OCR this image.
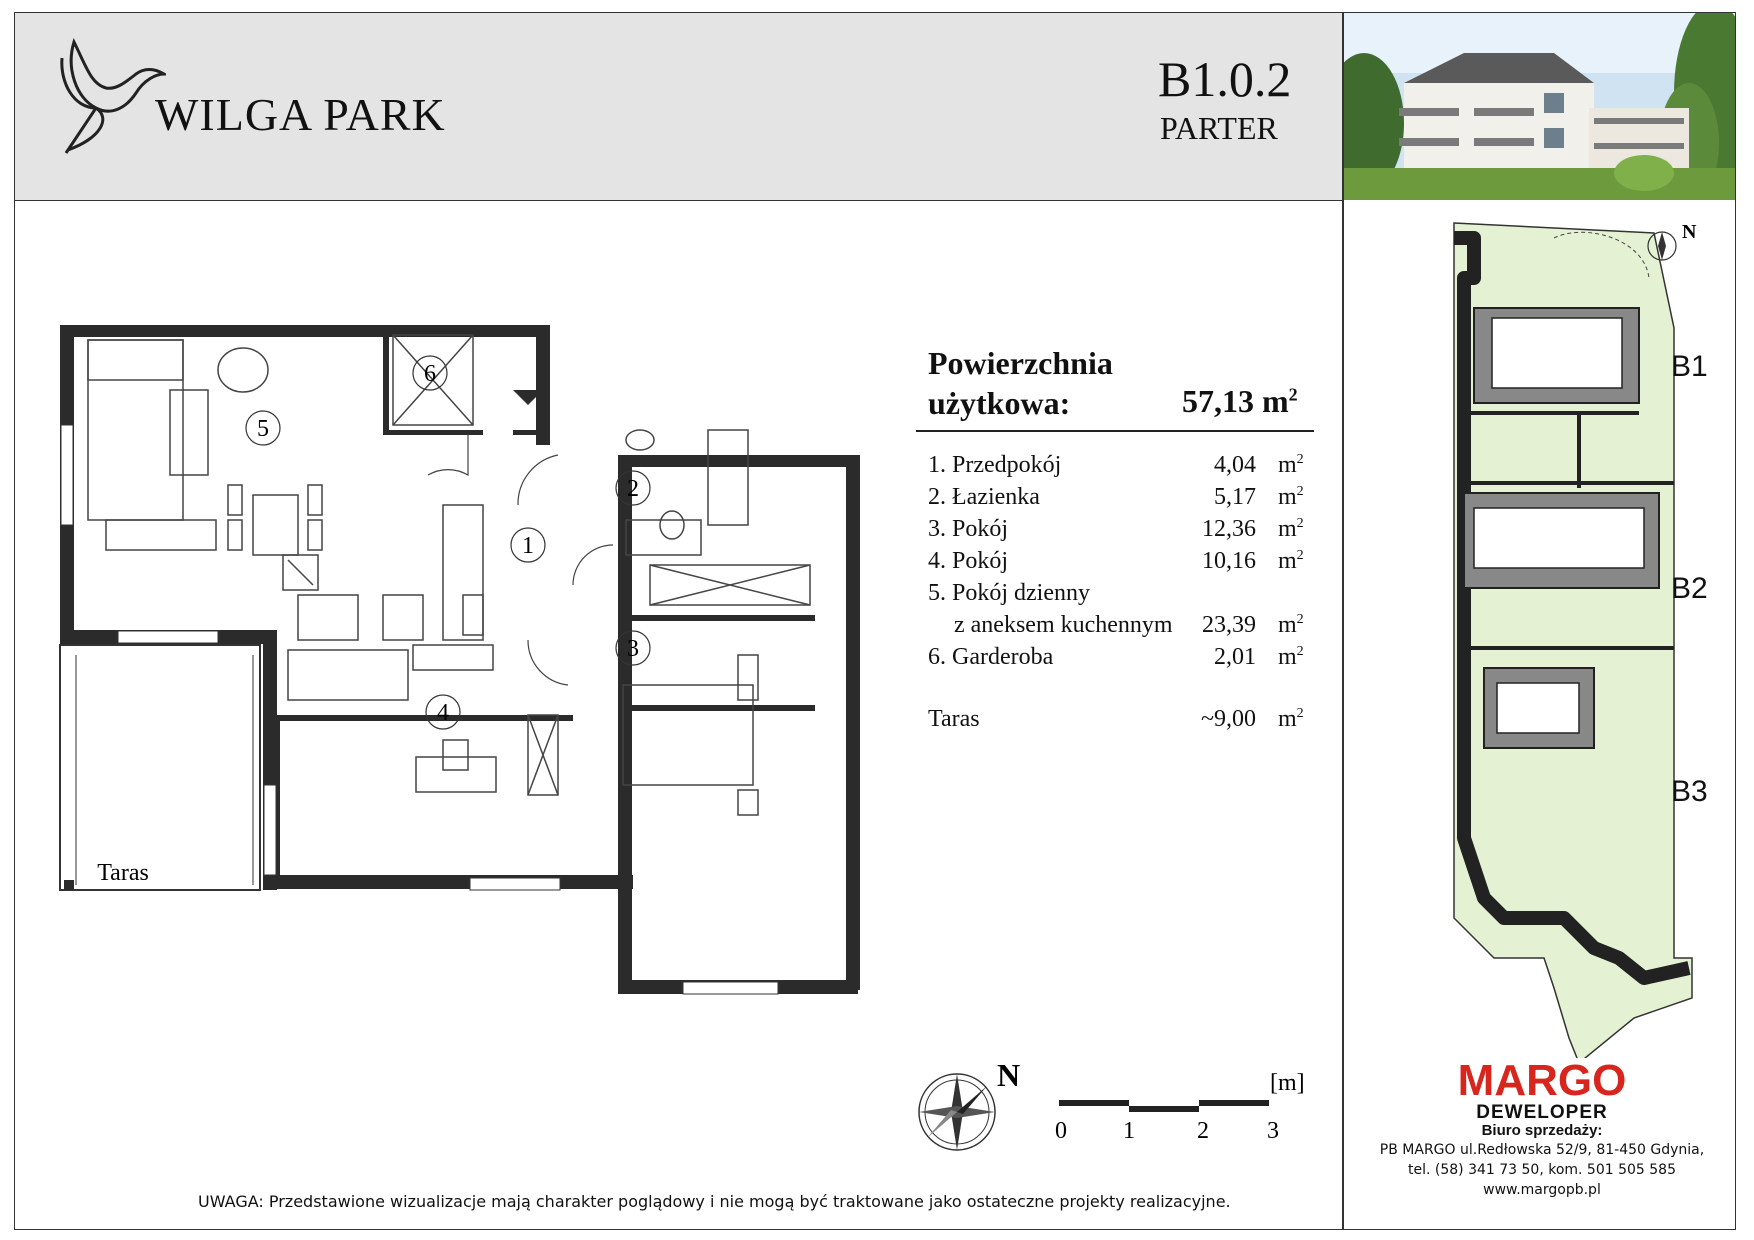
WILGA PARK
B1.0.2
PARTER
5
6
1
2
3
4
Taras
Powierzchnia
użytkowa:	57,13 $m^2$
1. Przedpokój	4,04 $m^2$
2. Łazienka	5,17 $m^2$
3. Pokój	12,36 $m^2$
4. Pokój	10,16 $m^2$
5. Pokój dzienny
z aneksem kuchennym 23,39 $m^2$
6. Garderoba	2,01 $m^2$
Taras	~9,00 $m^2$
N
B1
B2
B3
N	[m]
0 1	2 3
UWAGA: Przedstawione wizualizacje mają charakter poglądowy i nie mogą być traktowane jako ostateczne projekty realizacyjne.
MARGO
DEWELOPER
Biuro sprzedaży:
PB MARGO ul.Redłowska 52/9, 81-450 Gdynia,
tel. (58) 341 73 50, kom. 501 505 585
www.margopb.pl
